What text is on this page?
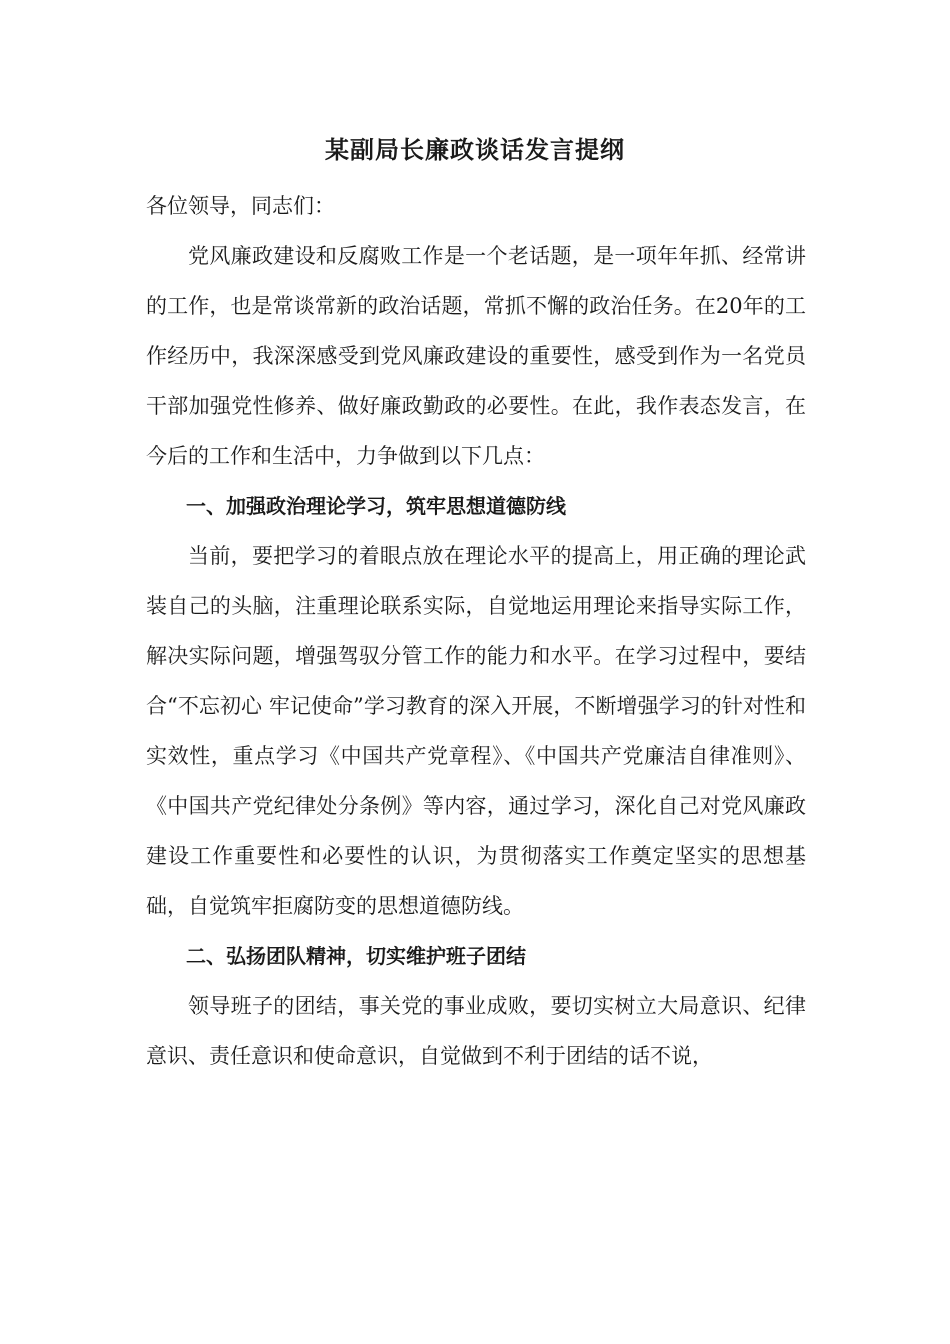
某副局长廉政谈话发言提纲

各位领导，同志们：

党风廉政建设和反腐败工作是一个老话题，是一项年年抓、经常讲的工作，也是常谈常新的政治话题，常抓不懈的政治任务。在20年的工作经历中，我深深感受到党风廉政建设的重要性，感受到作为一名党员干部加强党性修养、做好廉政勤政的必要性。在此，我作表态发言，在今后的工作和生活中，力争做到以下几点：

一、加强政治理论学习，筑牢思想道德防线

当前，要把学习的着眼点放在理论水平的提高上，用正确的理论武装自己的头脑，注重理论联系实际，自觉地运用理论来指导实际工作，解决实际问题，增强驾驭分管工作的能力和水平。在学习过程中，要结合“不忘初心 牢记使命”学习教育的深入开展，不断增强学习的针对性和实效性，重点学习《中国共产党章程》、《中国共产党廉洁自律准则》、《中国共产党纪律处分条例》等内容，通过学习，深化自己对党风廉政建设工作重要性和必要性的认识，为贯彻落实工作奠定坚实的思想基础，自觉筑牢拒腐防变的思想道德防线。

二、弘扬团队精神，切实维护班子团结

领导班子的团结，事关党的事业成败，要切实树立大局意识、纪律意识、责任意识和使命意识，自觉做到不利于团结的话不说，
